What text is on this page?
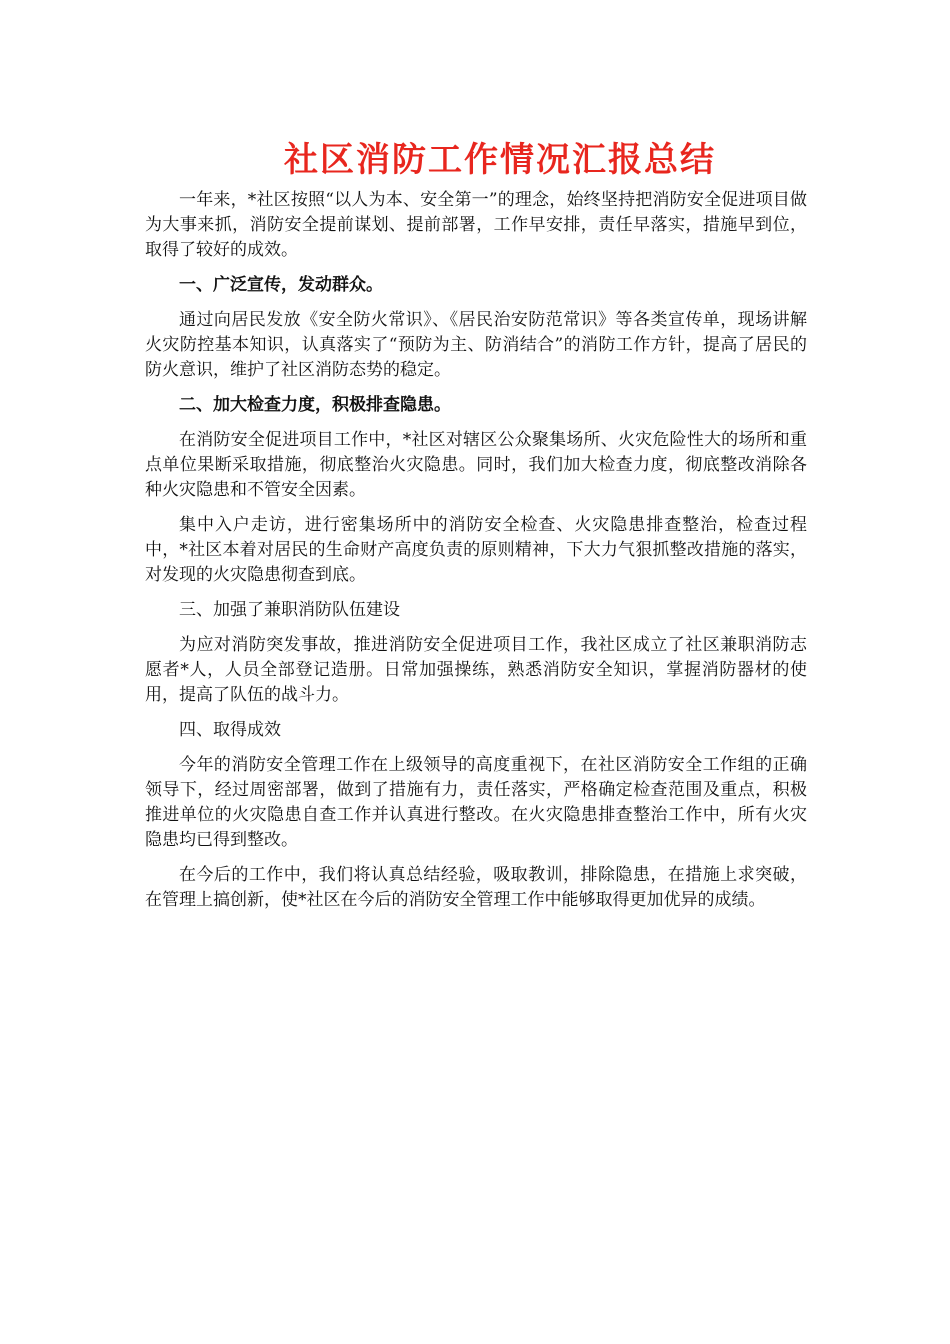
社区消防工作情况汇报总结

一年来，*社区按照“以人为本、安全第一”的理念，始终坚持把消防安全促进项目做为大事来抓，消防安全提前谋划、提前部署，工作早安排，责任早落实，措施早到位，取得了较好的成效。

一、广泛宣传，发动群众。

通过向居民发放《安全防火常识》、《居民治安防范常识》等各类宣传单，现场讲解火灾防控基本知识，认真落实了“预防为主、防消结合”的消防工作方针，提高了居民的防火意识，维护了社区消防态势的稳定。

二、加大检查力度，积极排查隐患。

在消防安全促进项目工作中，*社区对辖区公众聚集场所、火灾危险性大的场所和重点单位果断采取措施，彻底整治火灾隐患。同时，我们加大检查力度，彻底整改消除各种火灾隐患和不管安全因素。

集中入户走访，进行密集场所中的消防安全检查、火灾隐患排查整治，检查过程中，*社区本着对居民的生命财产高度负责的原则精神，下大力气狠抓整改措施的落实，对发现的火灾隐患彻查到底。

三、加强了兼职消防队伍建设

为应对消防突发事故，推进消防安全促进项目工作，我社区成立了社区兼职消防志愿者*人，人员全部登记造册。日常加强操练，熟悉消防安全知识，掌握消防器材的使用，提高了队伍的战斗力。

四、取得成效

今年的消防安全管理工作在上级领导的高度重视下，在社区消防安全工作组的正确领导下，经过周密部署，做到了措施有力，责任落实，严格确定检查范围及重点，积极推进单位的火灾隐患自查工作并认真进行整改。在火灾隐患排查整治工作中，所有火灾隐患均已得到整改。

在今后的工作中，我们将认真总结经验，吸取教训，排除隐患，在措施上求突破，在管理上搞创新，使*社区在今后的消防安全管理工作中能够取得更加优异的成绩。
